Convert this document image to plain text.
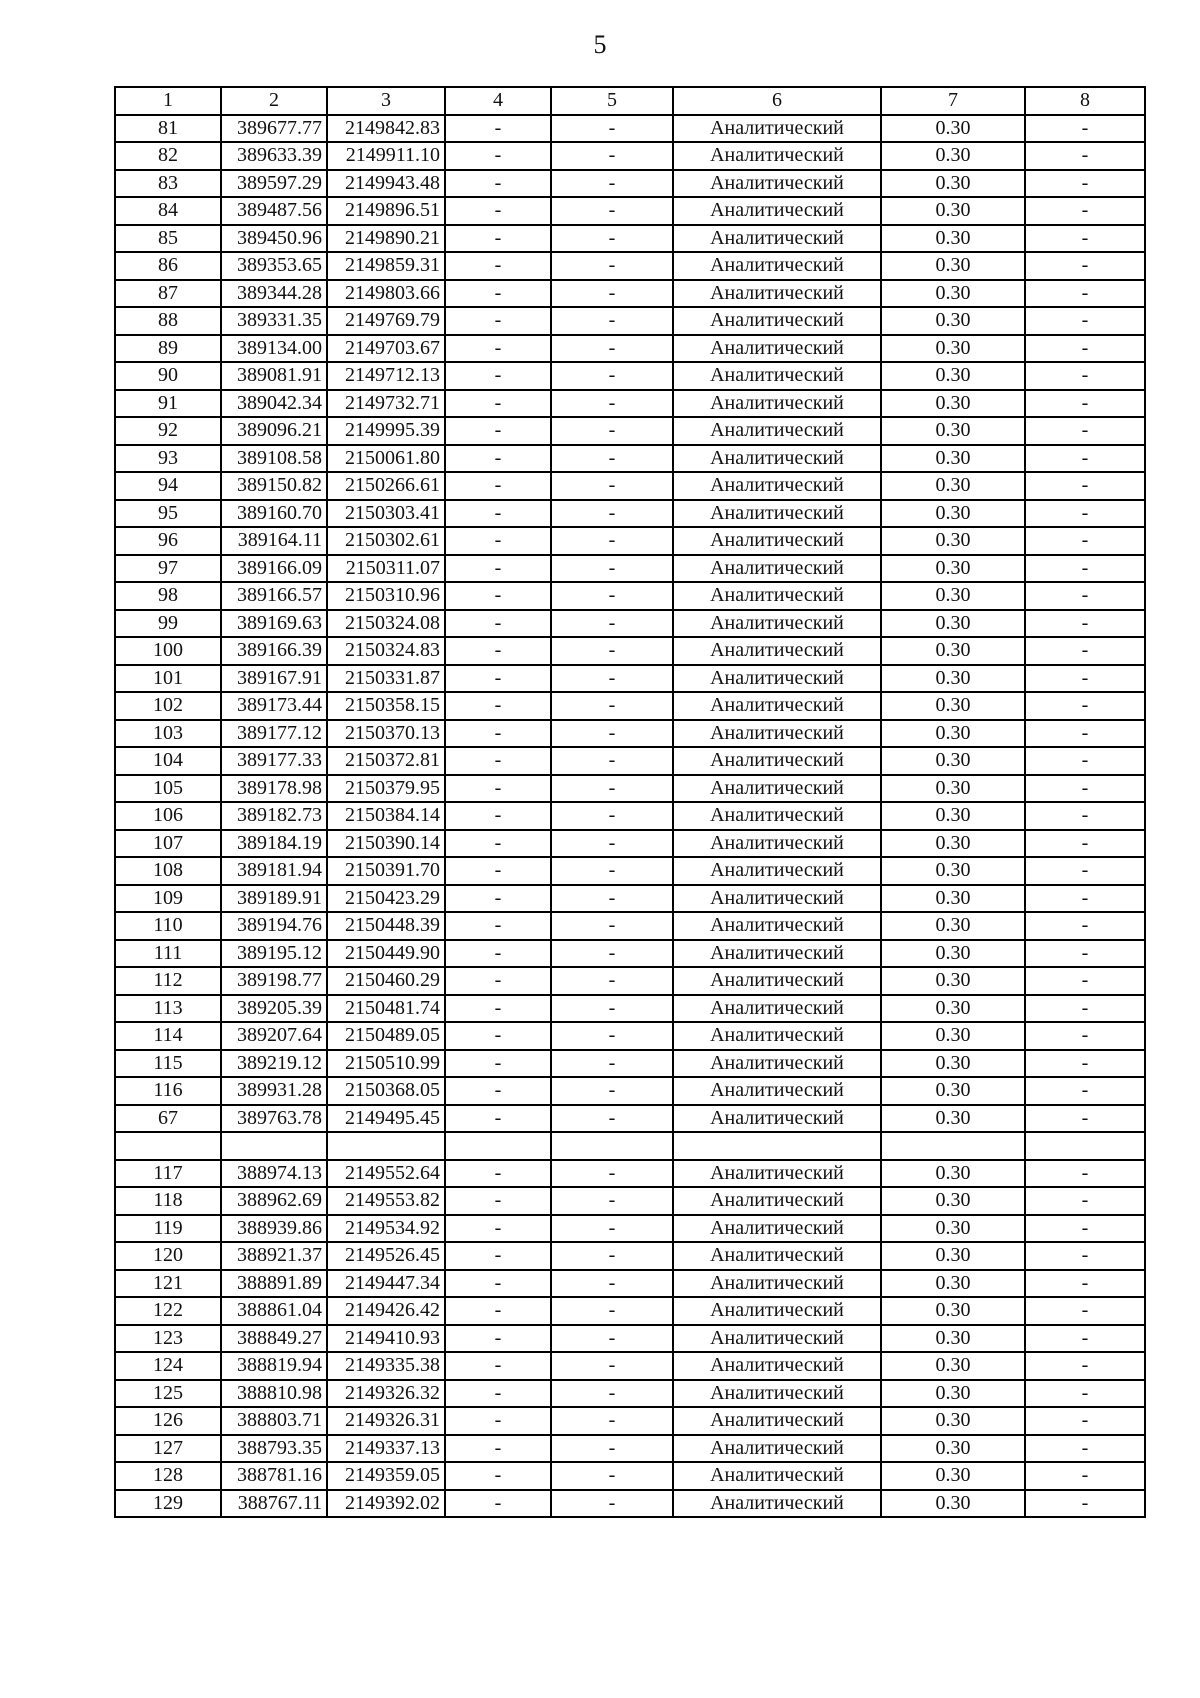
5
1	2	3	4	5	6	7	8
81	389677.77	2149842.83	-	-	Аналитический	0.30	-
82	389633.39	2149911.10	-	-	Аналитический	0.30	-
83	389597.29	2149943.48	-	-	Аналитический	0.30	-
84	389487.56	2149896.51	-	-	Аналитический	0.30	-
85	389450.96	2149890.21	-	-	Аналитический	0.30	-
86	389353.65	2149859.31	-	-	Аналитический	0.30	-
87	389344.28	2149803.66	-	-	Аналитический	0.30	-
88	389331.35	2149769.79	-	-	Аналитический	0.30	-
89	389134.00	2149703.67	-	-	Аналитический	0.30	-
90	389081.91	2149712.13	-	-	Аналитический	0.30	-
91	389042.34	2149732.71	-	-	Аналитический	0.30	-
92	389096.21	2149995.39	-	-	Аналитический	0.30	-
93	389108.58	2150061.80	-	-	Аналитический	0.30	-
94	389150.82	2150266.61	-	-	Аналитический	0.30	-
95	389160.70	2150303.41	-	-	Аналитический	0.30	-
96	389164.11	2150302.61	-	-	Аналитический	0.30	-
97	389166.09	2150311.07	-	-	Аналитический	0.30	-
98	389166.57	2150310.96	-	-	Аналитический	0.30	-
99	389169.63	2150324.08	-	-	Аналитический	0.30	-
100	389166.39	2150324.83	-	-	Аналитический	0.30	-
101	389167.91	2150331.87	-	-	Аналитический	0.30	-
102	389173.44	2150358.15	-	-	Аналитический	0.30	-
103	389177.12	2150370.13	-	-	Аналитический	0.30	-
104	389177.33	2150372.81	-	-	Аналитический	0.30	-
105	389178.98	2150379.95	-	-	Аналитический	0.30	-
106	389182.73	2150384.14	-	-	Аналитический	0.30	-
107	389184.19	2150390.14	-	-	Аналитический	0.30	-
108	389181.94	2150391.70	-	-	Аналитический	0.30	-
109	389189.91	2150423.29	-	-	Аналитический	0.30	-
110	389194.76	2150448.39	-	-	Аналитический	0.30	-
111	389195.12	2150449.90	-	-	Аналитический	0.30	-
112	389198.77	2150460.29	-	-	Аналитический	0.30	-
113	389205.39	2150481.74	-	-	Аналитический	0.30	-
114	389207.64	2150489.05	-	-	Аналитический	0.30	-
115	389219.12	2150510.99	-	-	Аналитический	0.30	-
116	389931.28	2150368.05	-	-	Аналитический	0.30	-
67	389763.78	2149495.45	-	-	Аналитический	0.30	-

117	388974.13	2149552.64	-	-	Аналитический	0.30	-
118	388962.69	2149553.82	-	-	Аналитический	0.30	-
119	388939.86	2149534.92	-	-	Аналитический	0.30	-
120	388921.37	2149526.45	-	-	Аналитический	0.30	-
121	388891.89	2149447.34	-	-	Аналитический	0.30	-
122	388861.04	2149426.42	-	-	Аналитический	0.30	-
123	388849.27	2149410.93	-	-	Аналитический	0.30	-
124	388819.94	2149335.38	-	-	Аналитический	0.30	-
125	388810.98	2149326.32	-	-	Аналитический	0.30	-
126	388803.71	2149326.31	-	-	Аналитический	0.30	-
127	388793.35	2149337.13	-	-	Аналитический	0.30	-
128	388781.16	2149359.05	-	-	Аналитический	0.30	-
129	388767.11	2149392.02	-	-	Аналитический	0.30	-
